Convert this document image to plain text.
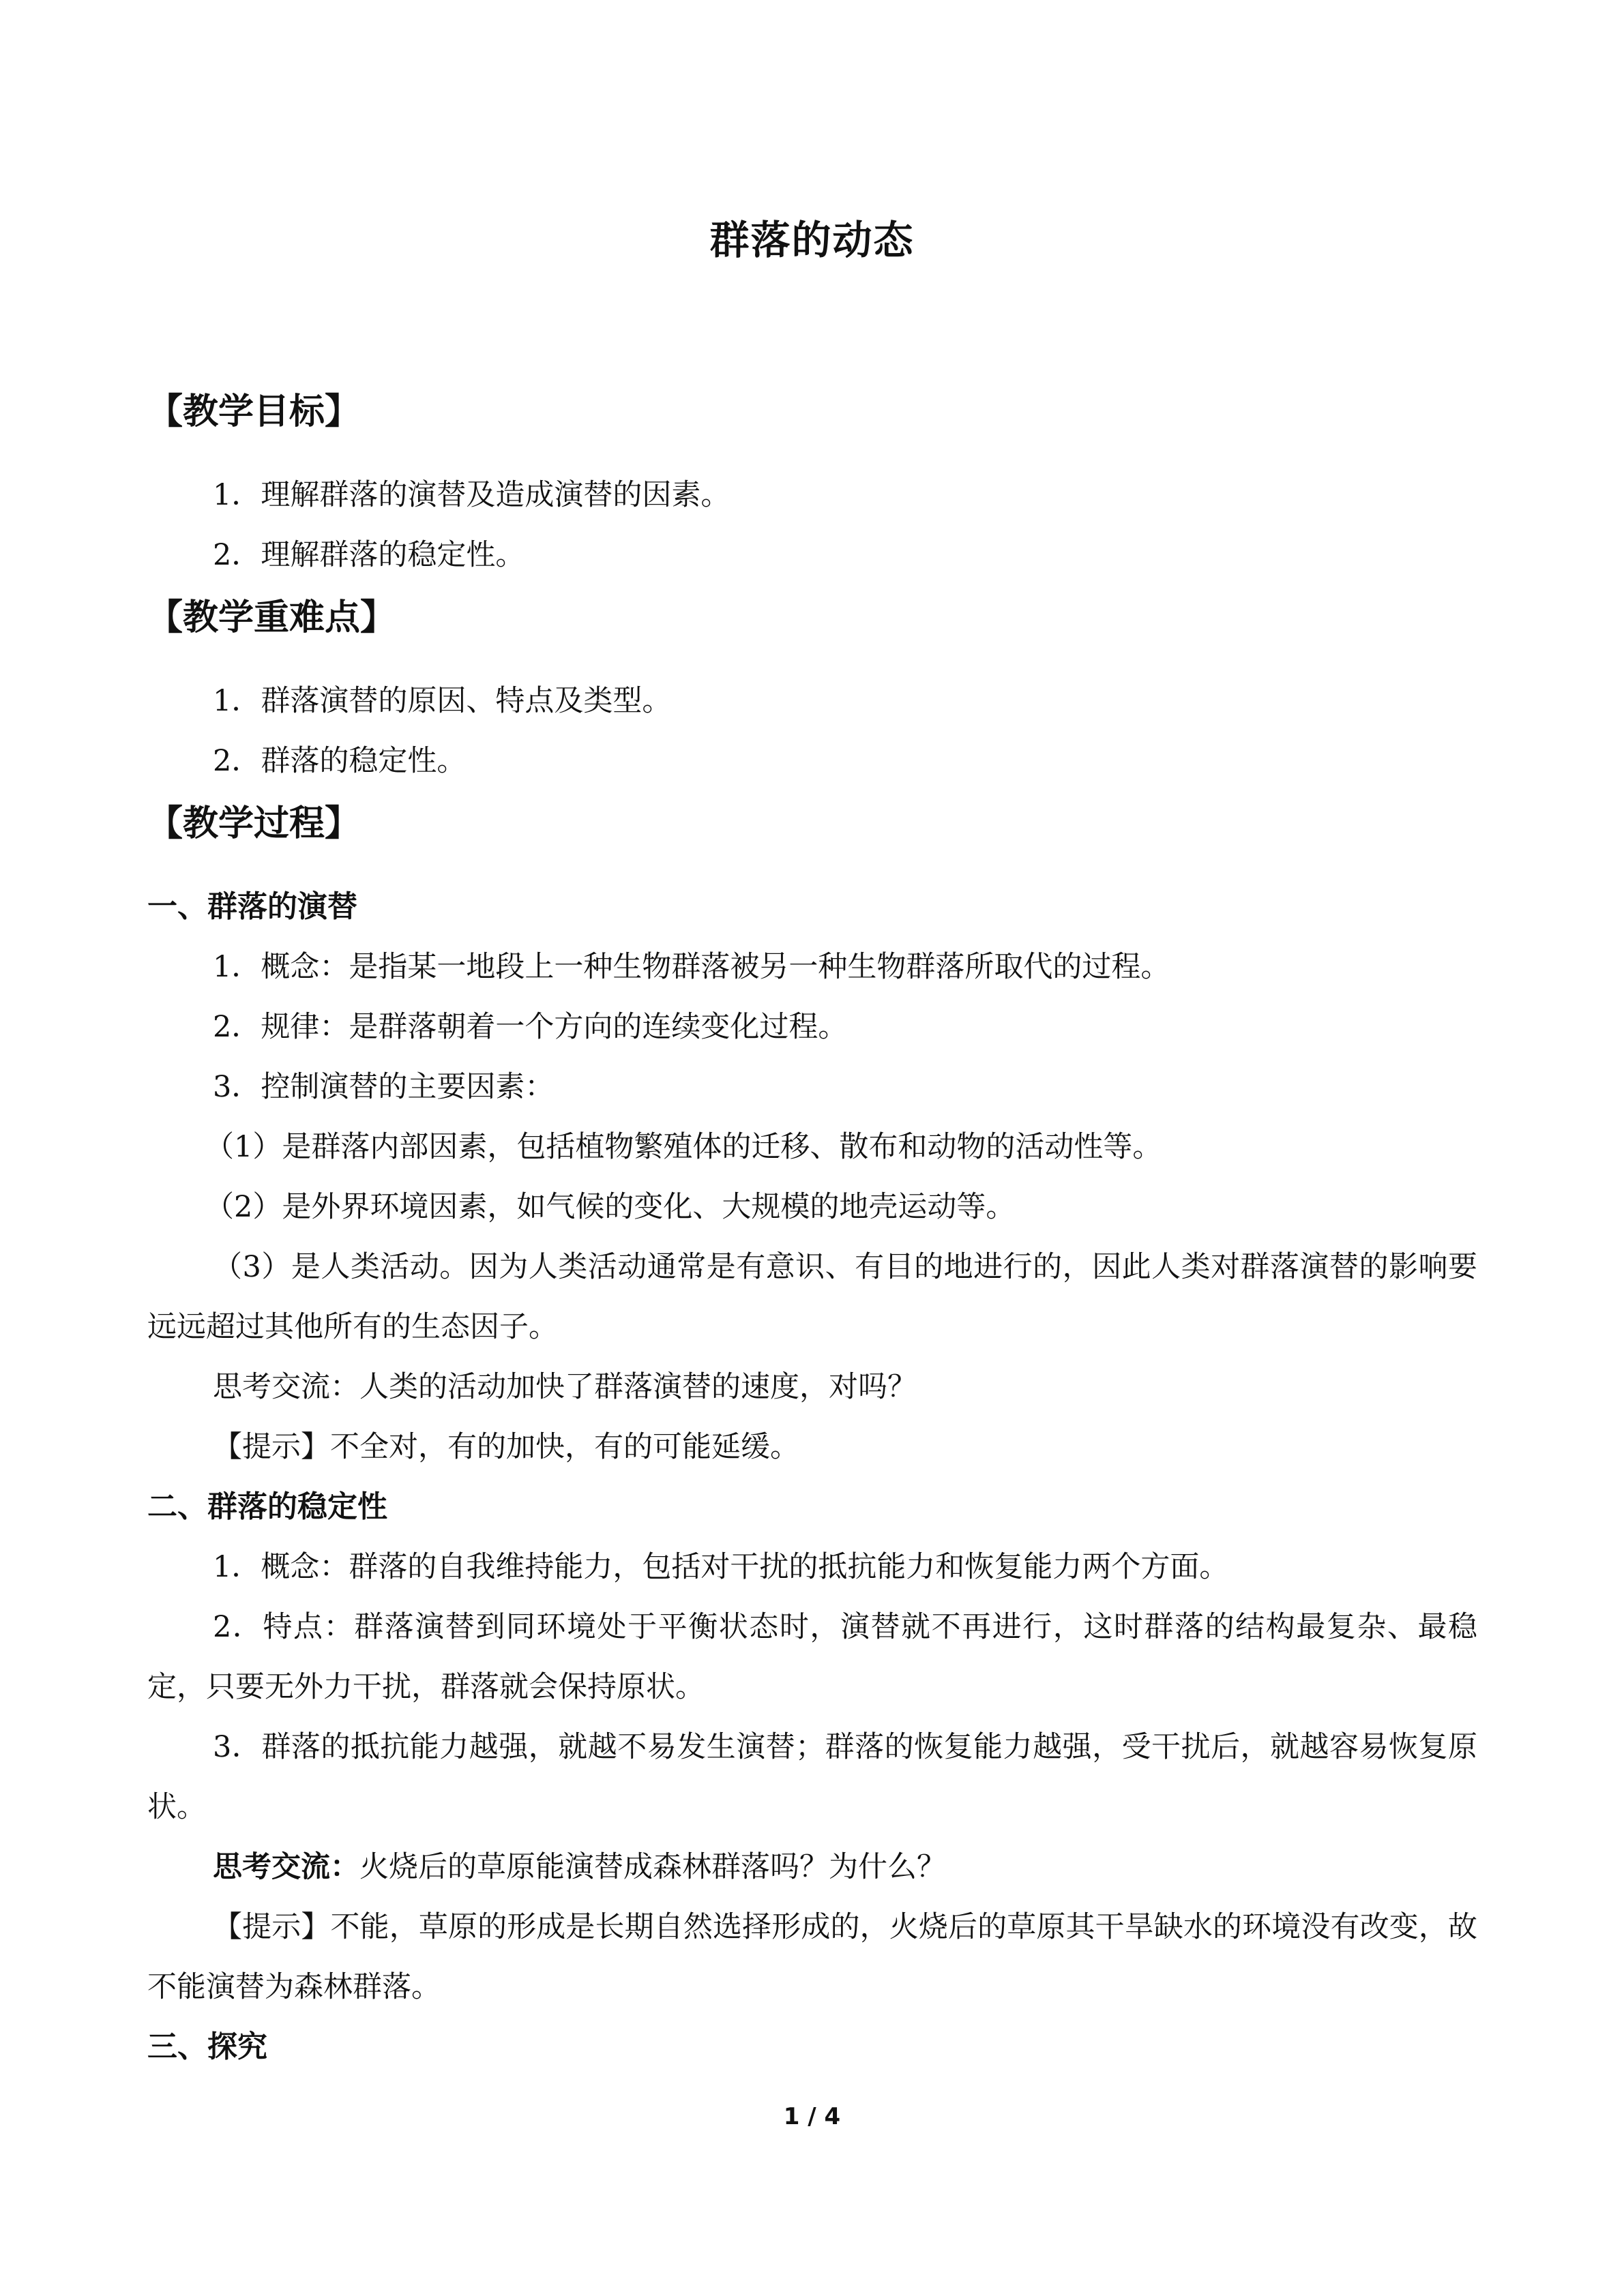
群落的动态
【教学目标】
1．理解群落的演替及造成演替的因素。
2．理解群落的稳定性。
【教学重难点】
1．群落演替的原因、特点及类型。
2．群落的稳定性。
【教学过程】
一、群落的演替
1．概念：是指某一地段上一种生物群落被另一种生物群落所取代的过程。
2．规律：是群落朝着一个方向的连续变化过程。
3．控制演替的主要因素：
（1）是群落内部因素，包括植物繁殖体的迁移、散布和动物的活动性等。
（2）是外界环境因素，如气候的变化、大规模的地壳运动等。
（3）是人类活动。因为人类活动通常是有意识、有目的地进行的，因此人类对群落演替的影响要远远超过其他所有的生态因子。
思考交流：人类的活动加快了群落演替的速度，对吗？
【提示】不全对，有的加快，有的可能延缓。
二、群落的稳定性
1．概念：群落的自我维持能力，包括对干扰的抵抗能力和恢复能力两个方面。
2．特点：群落演替到同环境处于平衡状态时，演替就不再进行，这时群落的结构最复杂、最稳定，只要无外力干扰，群落就会保持原状。
3．群落的抵抗能力越强，就越不易发生演替；群落的恢复能力越强，受干扰后，就越容易恢复原状。
思考交流：火烧后的草原能演替成森林群落吗？为什么？
【提示】不能，草原的形成是长期自然选择形成的，火烧后的草原其干旱缺水的环境没有改变，故不能演替为森林群落。
三、探究
1 / 4
